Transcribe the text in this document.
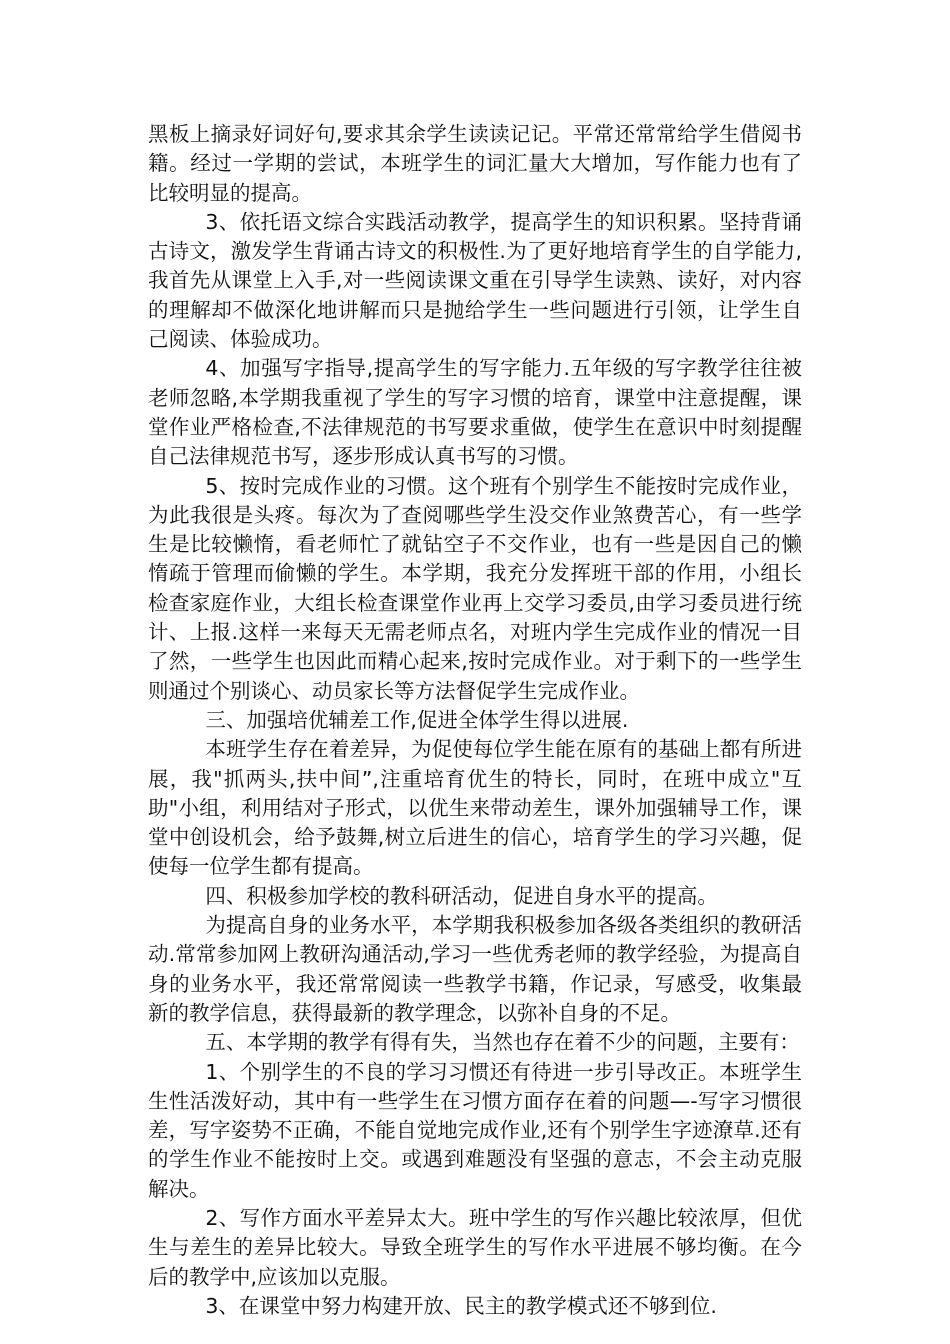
黑板上摘录好词好句,要求其余学生读读记记。平常还常常给学生借阅书籍。经过一学期的尝试，本班学生的词汇量大大增加，写作能力也有了比较明显的提高。

3、依托语文综合实践活动教学，提高学生的知识积累。坚持背诵古诗文，激发学生背诵古诗文的积极性.为了更好地培育学生的自学能力,我首先从课堂上入手,对一些阅读课文重在引导学生读熟、读好，对内容的理解却不做深化地讲解而只是抛给学生一些问题进行引领，让学生自己阅读、体验成功。

4、加强写字指导,提高学生的写字能力.五年级的写字教学往往被老师忽略,本学期我重视了学生的写字习惯的培育，课堂中注意提醒，课堂作业严格检查,不法律规范的书写要求重做，使学生在意识中时刻提醒自己法律规范书写，逐步形成认真书写的习惯。

5、按时完成作业的习惯。这个班有个别学生不能按时完成作业，为此我很是头疼。每次为了查阅哪些学生没交作业煞费苦心，有一些学生是比较懒惰，看老师忙了就钻空子不交作业，也有一些是因自己的懒惰疏于管理而偷懒的学生。本学期，我充分发挥班干部的作用，小组长检查家庭作业，大组长检查课堂作业再上交学习委员,由学习委员进行统计、上报.这样一来每天无需老师点名，对班内学生完成作业的情况一目了然，一些学生也因此而精心起来,按时完成作业。对于剩下的一些学生则通过个别谈心、动员家长等方法督促学生完成作业。

三、加强培优辅差工作,促进全体学生得以进展.

本班学生存在着差异，为促使每位学生能在原有的基础上都有所进展，我"抓两头,扶中间”,注重培育优生的特长，同时，在班中成立"互助"小组，利用结对子形式，以优生来带动差生，课外加强辅导工作，课堂中创设机会，给予鼓舞,树立后进生的信心，培育学生的学习兴趣，促使每一位学生都有提高。

四、积极参加学校的教科研活动，促进自身水平的提高。

为提高自身的业务水平，本学期我积极参加各级各类组织的教研活动.常常参加网上教研沟通活动,学习一些优秀老师的教学经验，为提高自身的业务水平，我还常常阅读一些教学书籍，作记录，写感受，收集最新的教学信息，获得最新的教学理念，以弥补自身的不足。

五、本学期的教学有得有失，当然也存在着不少的问题，主要有：

1、个别学生的不良的学习习惯还有待进一步引导改正。本班学生生性活泼好动，其中有一些学生在习惯方面存在着的问题—-写字习惯很差，写字姿势不正确，不能自觉地完成作业,还有个别学生字迹潦草.还有的学生作业不能按时上交。或遇到难题没有坚强的意志，不会主动克服解决。

2、写作方面水平差异太大。班中学生的写作兴趣比较浓厚，但优生与差生的差异比较大。导致全班学生的写作水平进展不够均衡。在今后的教学中,应该加以克服。

3、在课堂中努力构建开放、民主的教学模式还不够到位.
